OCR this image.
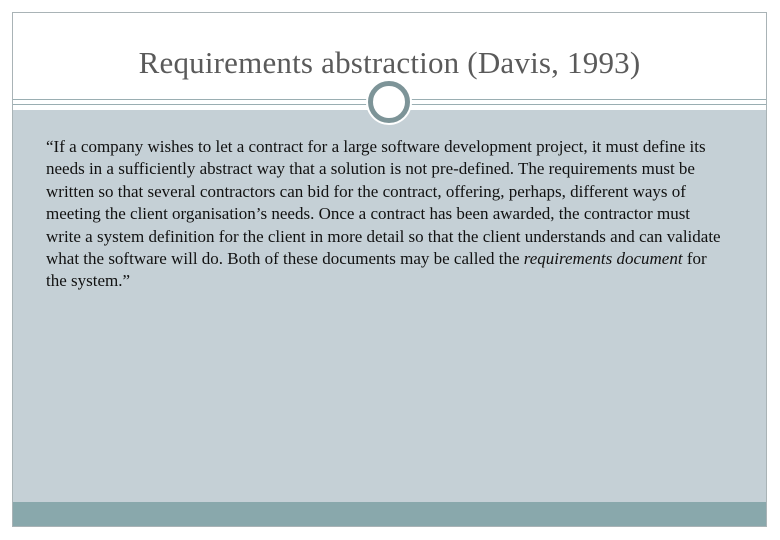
Requirements abstraction (Davis, 1993)

“If a company wishes to let a contract for a large software development project, it must define its needs in a sufficiently abstract way that a solution is not pre-defined. The requirements must be written so that several contractors can bid for the contract, offering, perhaps, different ways of meeting the client organisation’s needs. Once a contract has been awarded, the contractor must write a system definition for the client in more detail so that the client understands and can validate what the software will do. Both of these documents may be called the requirements document for the system.”
